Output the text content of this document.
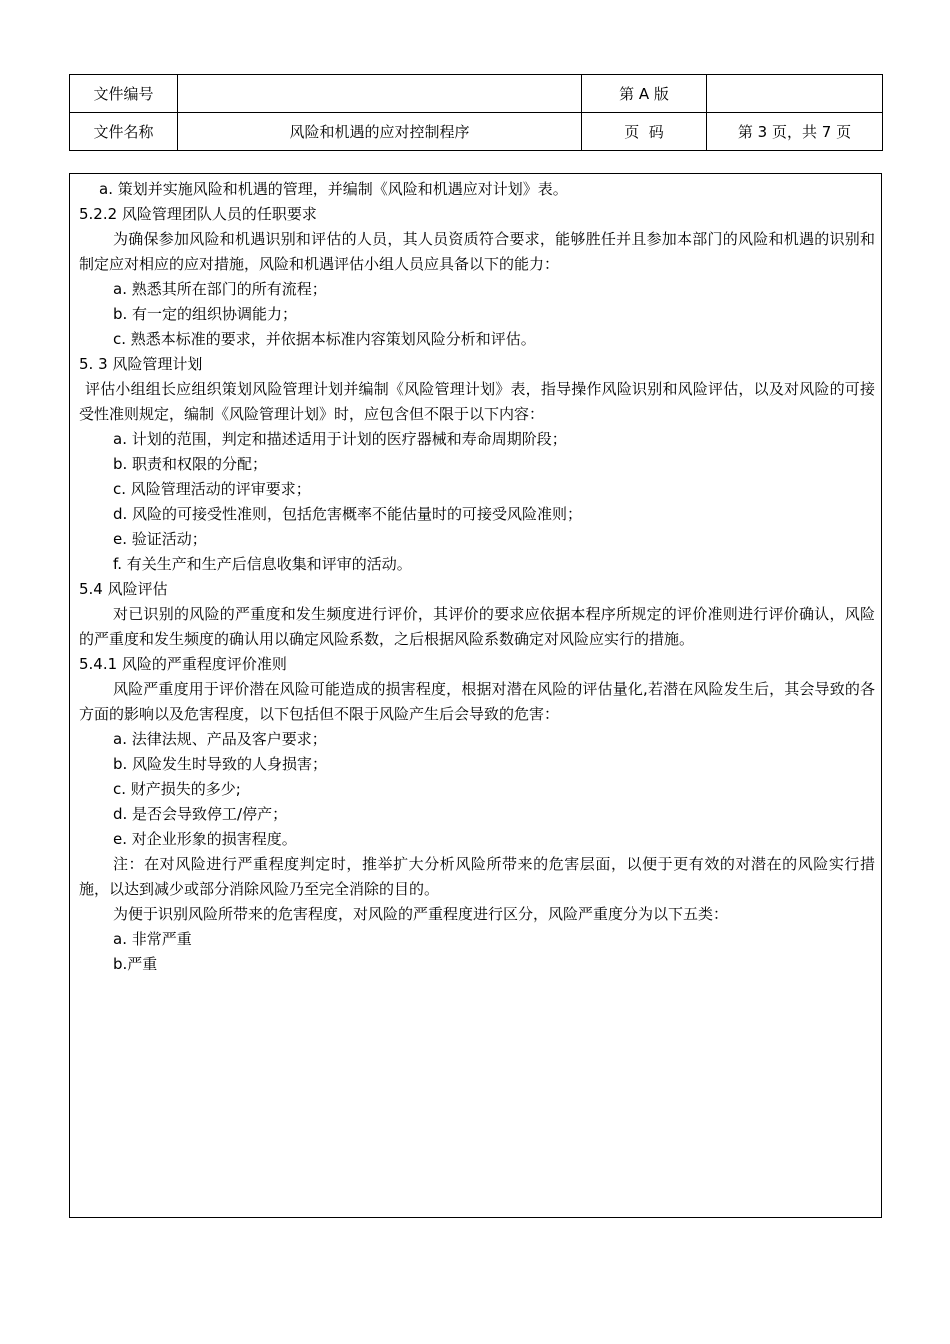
文件编号		第 A 版	
文件名称	风险和机遇的应对控制程序	页  码	第 3 页，共 7 页
a. 策划并实施风险和机遇的管理，并编制《风险和机遇应对计划》表。
5.2.2 风险管理团队人员的任职要求
为确保参加风险和机遇识别和评估的人员，其人员资质符合要求，能够胜任并且参加本部门的风险和机遇的识别和制定应对相应的应对措施，风险和机遇评估小组人员应具备以下的能力：
a. 熟悉其所在部门的所有流程；
b. 有一定的组织协调能力；
c. 熟悉本标准的要求，并依据本标准内容策划风险分析和评估。
5. 3 风险管理计划
评估小组组长应组织策划风险管理计划并编制《风险管理计划》表，指导操作风险识别和风险评估，以及对风险的可接受性准则规定，编制《风险管理计划》时，应包含但不限于以下内容：
a. 计划的范围，判定和描述适用于计划的医疗器械和寿命周期阶段；
b. 职责和权限的分配；
c. 风险管理活动的评审要求；
d. 风险的可接受性准则，包括危害概率不能估量时的可接受风险准则；
e. 验证活动；
f. 有关生产和生产后信息收集和评审的活动。
5.4 风险评估
对已识别的风险的严重度和发生频度进行评价，其评价的要求应依据本程序所规定的评价准则进行评价确认，风险的严重度和发生频度的确认用以确定风险系数，之后根据风险系数确定对风险应实行的措施。
5.4.1 风险的严重程度评价准则
风险严重度用于评价潜在风险可能造成的损害程度，根据对潜在风险的评估量化,若潜在风险发生后，其会导致的各方面的影响以及危害程度，以下包括但不限于风险产生后会导致的危害：
a. 法律法规、产品及客户要求；
b. 风险发生时导致的人身损害；
c. 财产损失的多少;
d. 是否会导致停工/停产；
e. 对企业形象的损害程度。
注：在对风险进行严重程度判定时，推举扩大分析风险所带来的危害层面，以便于更有效的对潜在的风险实行措施，以达到减少或部分消除风险乃至完全消除的目的。
为便于识别风险所带来的危害程度，对风险的严重程度进行区分，风险严重度分为以下五类：
a. 非常严重
b.严重
